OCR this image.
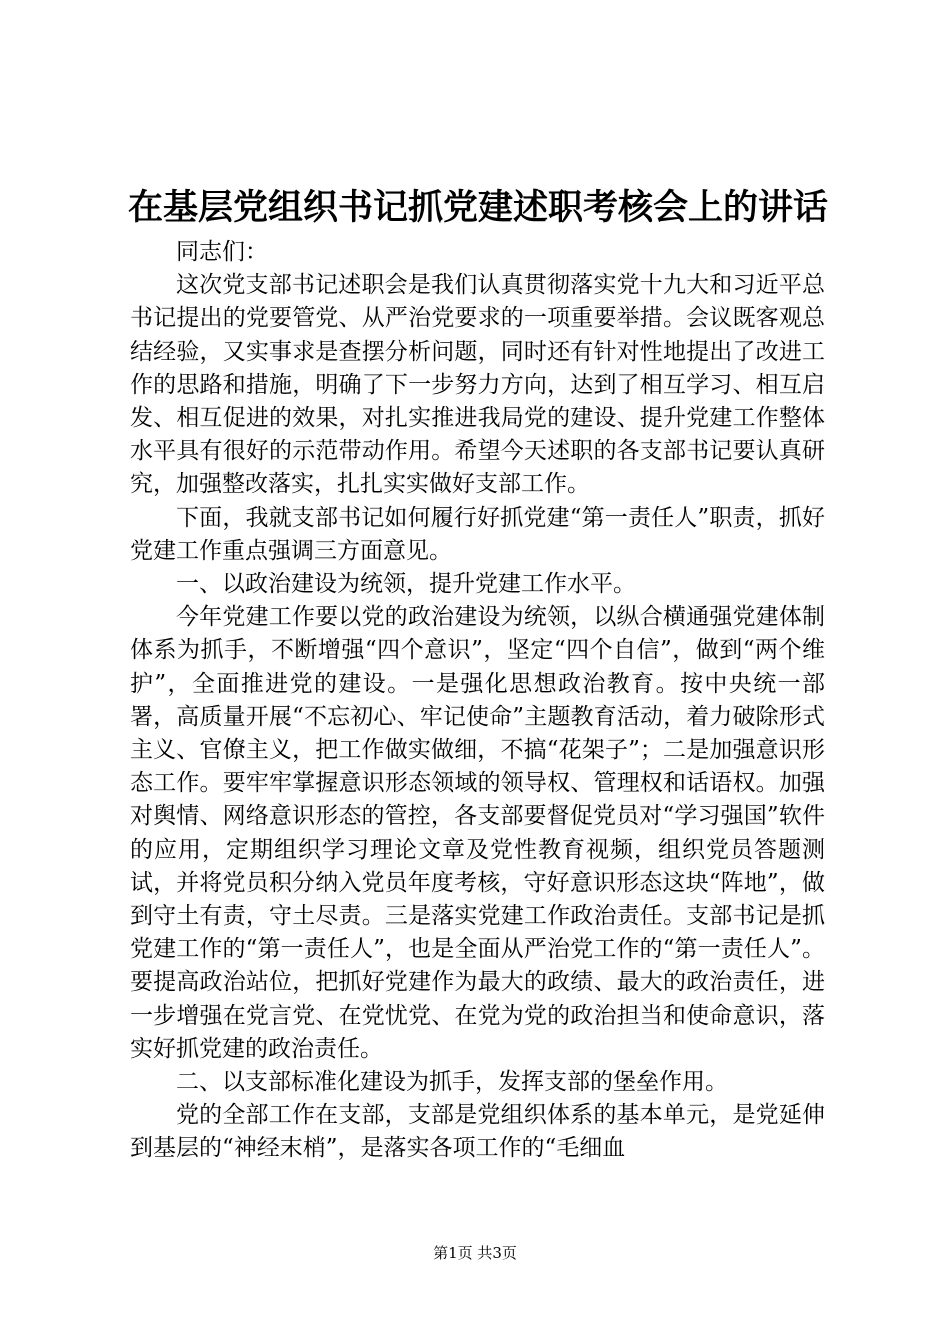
在基层党组织书记抓党建述职考核会上的讲话

同志们：

这次党支部书记述职会是我们认真贯彻落实党十九大和习近平总书记提出的党要管党、从严治党要求的一项重要举措。会议既客观总结经验，又实事求是查摆分析问题，同时还有针对性地提出了改进工作的思路和措施，明确了下一步努力方向，达到了相互学习、相互启发、相互促进的效果，对扎实推进我局党的建设、提升党建工作整体水平具有很好的示范带动作用。希望今天述职的各支部书记要认真研究，加强整改落实，扎扎实实做好支部工作。

下面，我就支部书记如何履行好抓党建“第一责任人”职责，抓好党建工作重点强调三方面意见。

一、以政治建设为统领，提升党建工作水平。

今年党建工作要以党的政治建设为统领，以纵合横通强党建体制体系为抓手，不断增强“四个意识”，坚定“四个自信”，做到“两个维护”，全面推进党的建设。一是强化思想政治教育。按中央统一部署，高质量开展“不忘初心、牢记使命”主题教育活动，着力破除形式主义、官僚主义，把工作做实做细，不搞“花架子”；二是加强意识形态工作。要牢牢掌握意识形态领域的领导权、管理权和话语权。加强对舆情、网络意识形态的管控，各支部要督促党员对“学习强国”软件的应用，定期组织学习理论文章及党性教育视频，组织党员答题测试，并将党员积分纳入党员年度考核，守好意识形态这块“阵地”，做到守土有责，守土尽责。三是落实党建工作政治责任。支部书记是抓党建工作的“第一责任人”，也是全面从严治党工作的“第一责任人”。要提高政治站位，把抓好党建作为最大的政绩、最大的政治责任，进一步增强在党言党、在党忧党、在党为党的政治担当和使命意识，落实好抓党建的政治责任。

二、以支部标准化建设为抓手，发挥支部的堡垒作用。

党的全部工作在支部，支部是党组织体系的基本单元，是党延伸到基层的“神经末梢”，是落实各项工作的“毛细血

第1页 共3页
